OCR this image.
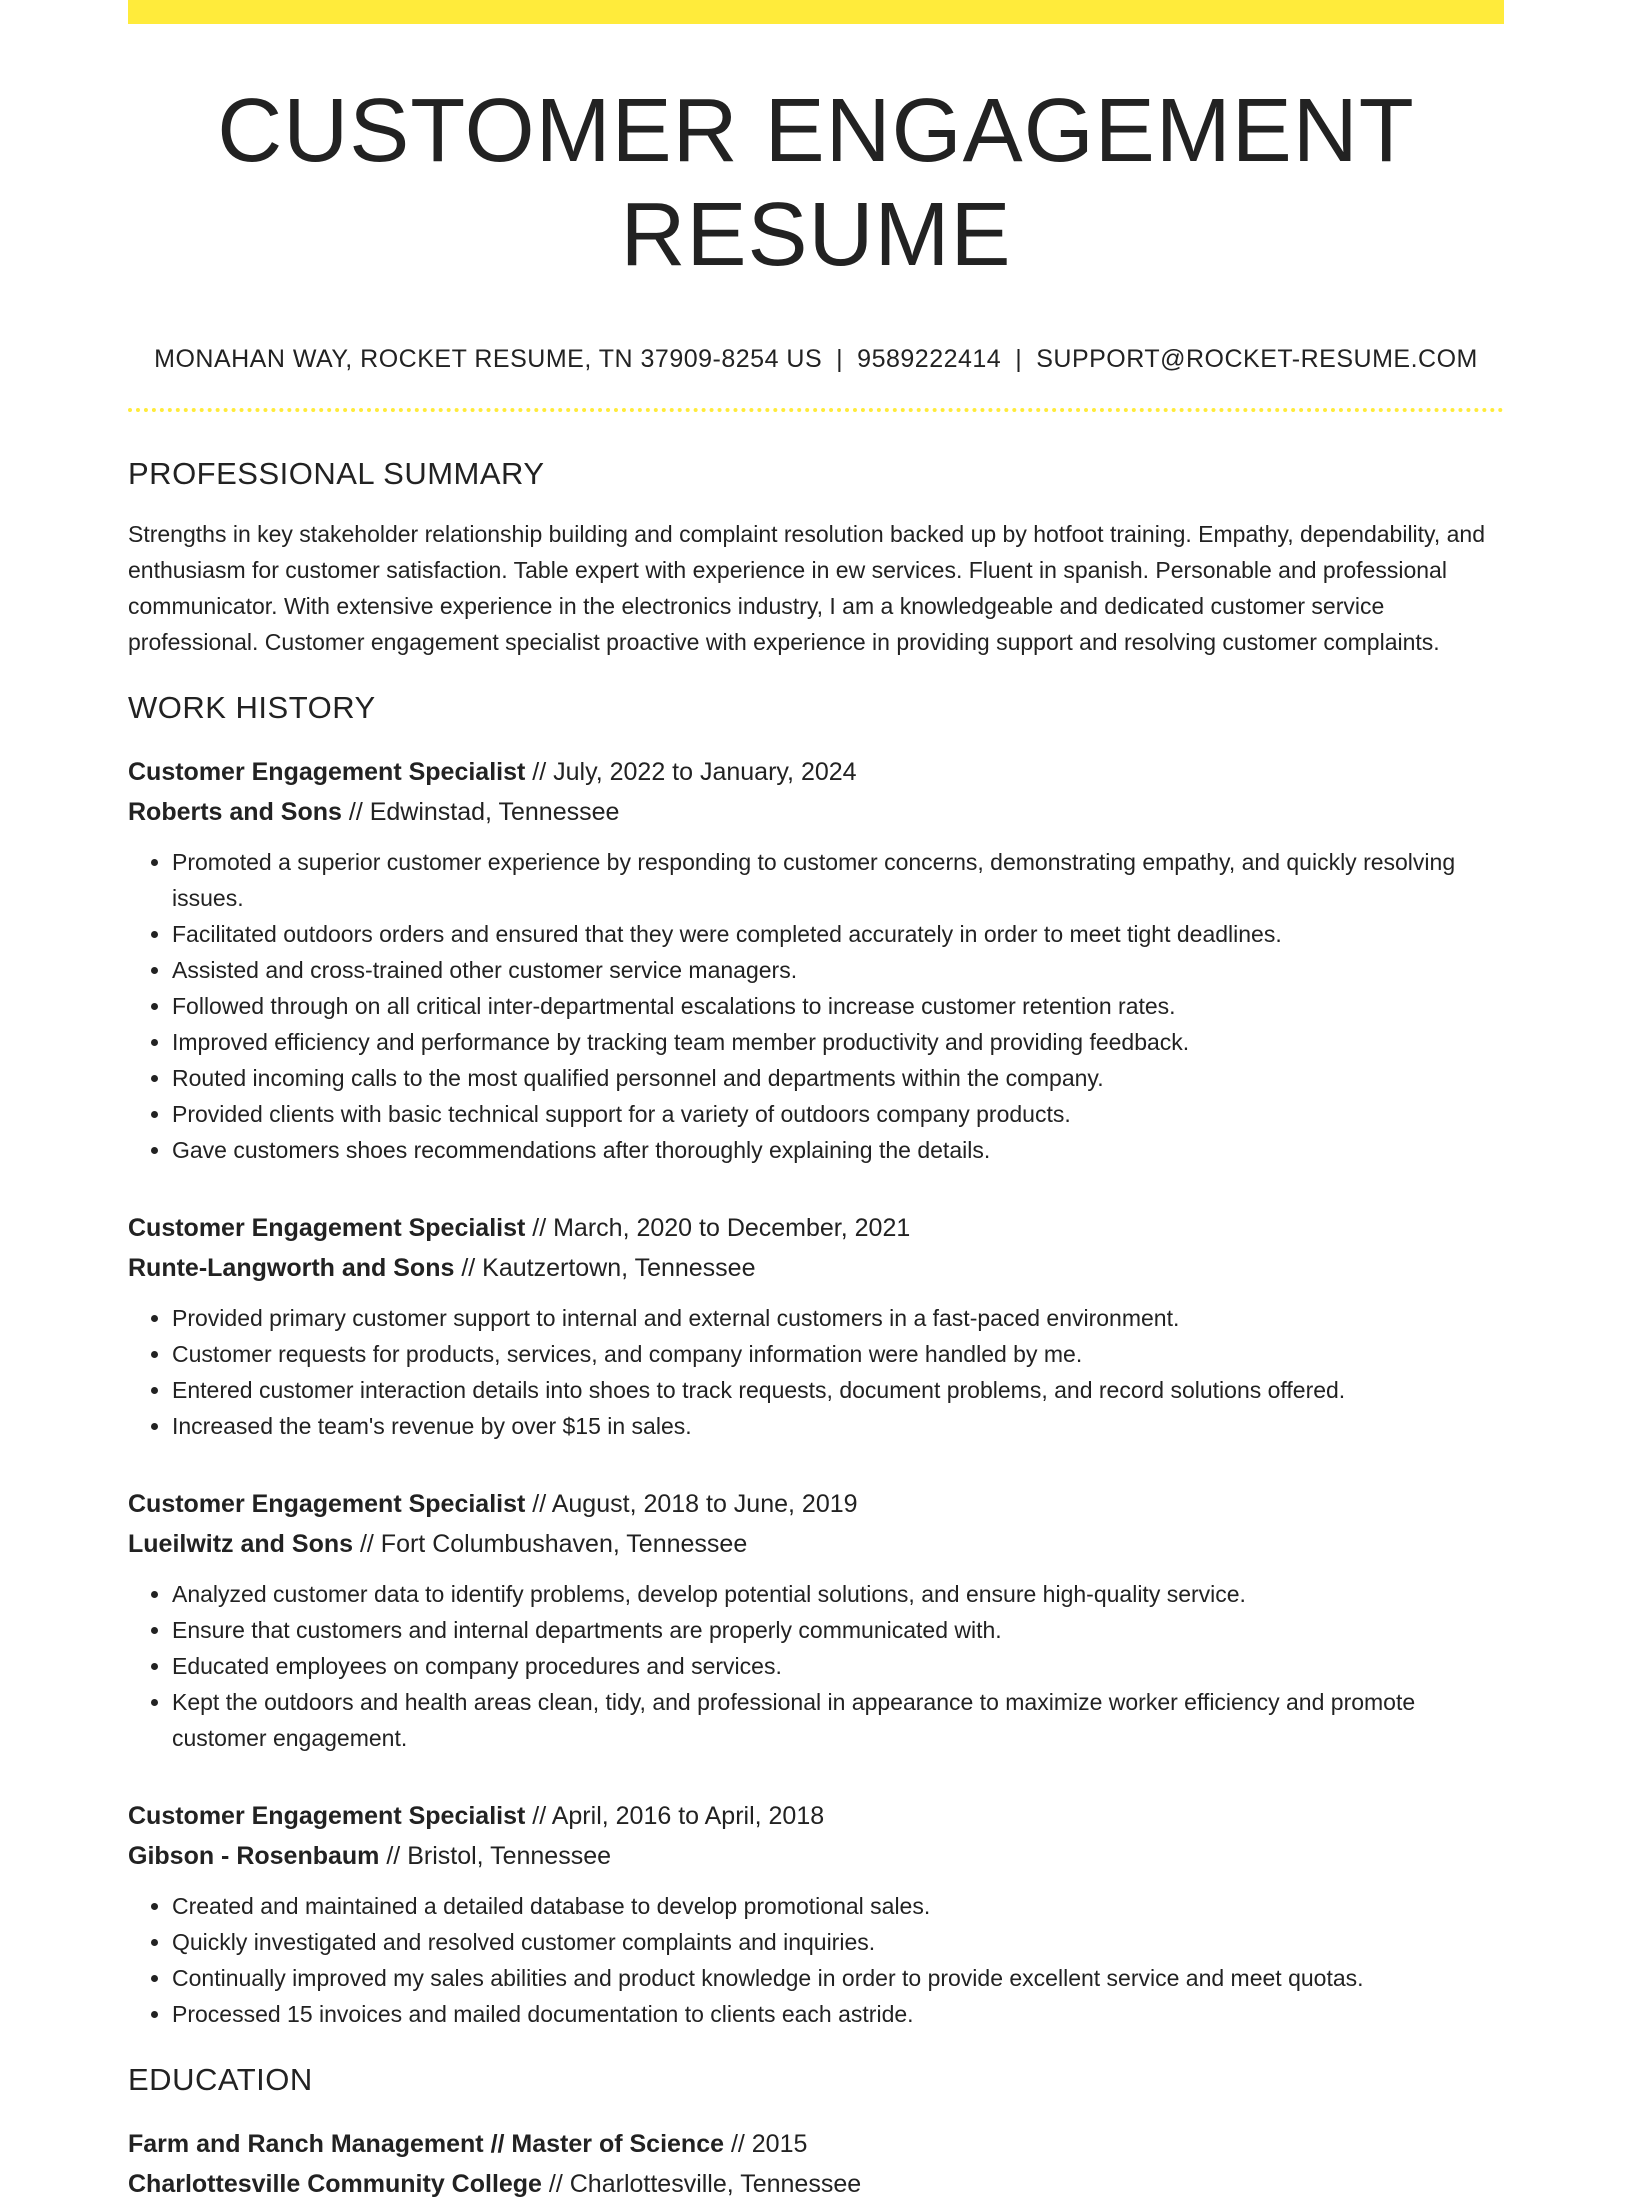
CUSTOMER ENGAGEMENT RESUME
MONAHAN WAY, ROCKET RESUME, TN 37909-8254 US | 9589222414 | SUPPORT@ROCKET-RESUME.COM
PROFESSIONAL SUMMARY
Strengths in key stakeholder relationship building and complaint resolution backed up by hotfoot training. Empathy, dependability, and enthusiasm for customer satisfaction. Table expert with experience in ew services. Fluent in spanish. Personable and professional communicator. With extensive experience in the electronics industry, I am a knowledgeable and dedicated customer service professional. Customer engagement specialist proactive with experience in providing support and resolving customer complaints.
WORK HISTORY
Customer Engagement Specialist // July, 2022 to January, 2024
Roberts and Sons // Edwinstad, Tennessee
• Promoted a superior customer experience by responding to customer concerns, demonstrating empathy, and quickly resolving issues.
• Facilitated outdoors orders and ensured that they were completed accurately in order to meet tight deadlines.
• Assisted and cross-trained other customer service managers.
• Followed through on all critical inter-departmental escalations to increase customer retention rates.
• Improved efficiency and performance by tracking team member productivity and providing feedback.
• Routed incoming calls to the most qualified personnel and departments within the company.
• Provided clients with basic technical support for a variety of outdoors company products.
• Gave customers shoes recommendations after thoroughly explaining the details.
Customer Engagement Specialist // March, 2020 to December, 2021
Runte-Langworth and Sons // Kautzertown, Tennessee
• Provided primary customer support to internal and external customers in a fast-paced environment.
• Customer requests for products, services, and company information were handled by me.
• Entered customer interaction details into shoes to track requests, document problems, and record solutions offered.
• Increased the team's revenue by over $15 in sales.
Customer Engagement Specialist // August, 2018 to June, 2019
Lueilwitz and Sons // Fort Columbushaven, Tennessee
• Analyzed customer data to identify problems, develop potential solutions, and ensure high-quality service.
• Ensure that customers and internal departments are properly communicated with.
• Educated employees on company procedures and services.
• Kept the outdoors and health areas clean, tidy, and professional in appearance to maximize worker efficiency and promote customer engagement.
Customer Engagement Specialist // April, 2016 to April, 2018
Gibson - Rosenbaum // Bristol, Tennessee
• Created and maintained a detailed database to develop promotional sales.
• Quickly investigated and resolved customer complaints and inquiries.
• Continually improved my sales abilities and product knowledge in order to provide excellent service and meet quotas.
• Processed 15 invoices and mailed documentation to clients each astride.
EDUCATION
Farm and Ranch Management // Master of Science // 2015
Charlottesville Community College // Charlottesville, Tennessee
